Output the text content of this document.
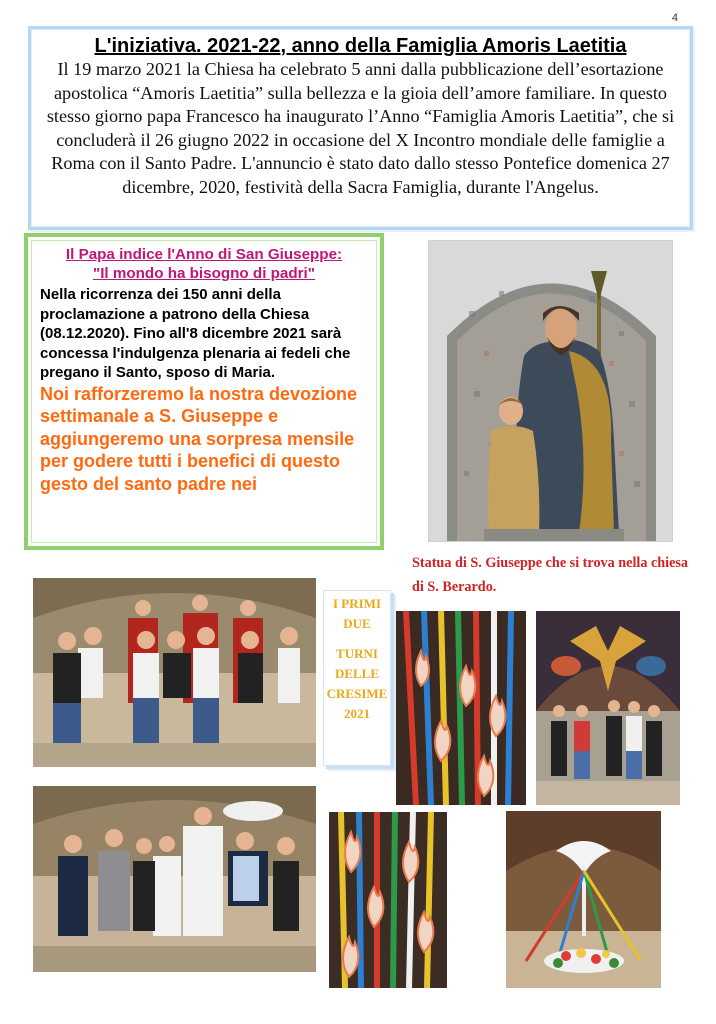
4

L'iniziativa. 2021-22, anno della Famiglia Amoris Laetitia

Il 19 marzo 2021 la Chiesa ha celebrato 5 anni dalla pubblicazione dell’esortazione apostolica “Amoris Laetitia” sulla bellezza e la gioia dell’amore familiare. In questo stesso giorno papa Francesco ha inaugurato l’Anno “Famiglia Amoris Laetitia”, che si concluderà il 26 giugno 2022 in occasione del X Incontro mondiale delle famiglie a Roma con il Santo Padre. L'annuncio è stato dato dallo stesso Pontefice domenica 27 dicembre, 2020, festività della Sacra Famiglia, durante l'Angelus.

Il Papa indice l'Anno di San Giuseppe:
"Il mondo ha bisogno di padri"

Nella ricorrenza dei 150 anni della proclamazione a patrono della Chiesa (08.12.2020). Fino all'8 dicembre 2021 sarà concessa l'indulgenza plenaria ai fedeli che pregano il Santo, sposo di Maria.

Noi rafforzeremo la nostra devozione settimanale a S. Giuseppe e aggiungeremo una sorpresa mensile per godere tutti i benefici di questo gesto del santo padre nei

Statua di S. Giuseppe che si trova nella chiesa di S. Berardo.
I PRIMI
DUE
TURNI
DELLE
CRESIME
2021
